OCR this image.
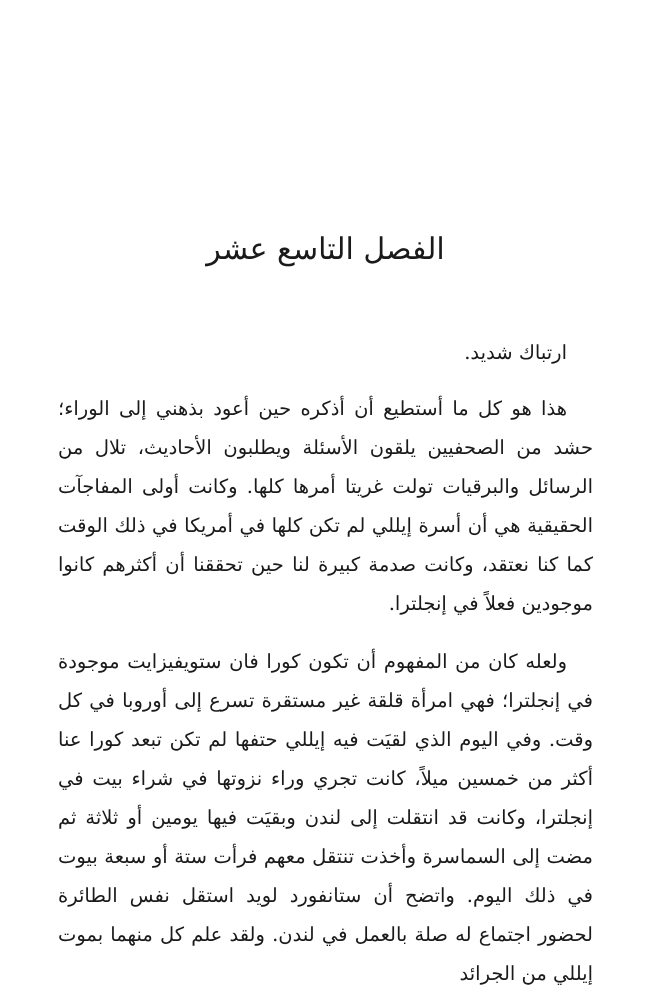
الفصل التاسع عشر

ارتباك شديد.

هذا هو كل ما أستطيع أن أذكره حين أعود بذهني إلى الوراء؛ حشد من الصحفيين يلقون الأسئلة ويطلبون الأحاديث، تلال من الرسائل والبرقيات تولت غريتا أمرها كلها. وكانت أولى المفاجآت الحقيقية هي أن أسرة إيللي لم تكن كلها في أمريكا في ذلك الوقت كما كنا نعتقد، وكانت صدمة كبيرة لنا حين تحققنا أن أكثرهم كانوا موجودين فعلاً في إنجلترا.

ولعله كان من المفهوم أن تكون كورا فان ستويفيزايت موجودة في إنجلترا؛ فهي امرأة قلقة غير مستقرة تسرع إلى أوروبا في كل وقت. وفي اليوم الذي لقيَت فيه إيللي حتفها لم تكن تبعد كورا عنا أكثر من خمسين ميلاً، كانت تجري وراء نزوتها في شراء بيت في إنجلترا، وكانت قد انتقلت إلى لندن وبقيَت فيها يومين أو ثلاثة ثم مضت إلى السماسرة وأخذت تنتقل معهم فرأت ستة أو سبعة بيوت في ذلك اليوم. واتضح أن ستانفورد لويد استقل نفس الطائرة لحضور اجتماع له صلة بالعمل في لندن. ولقد علم كل منهما بموت إيللي من الجرائد
